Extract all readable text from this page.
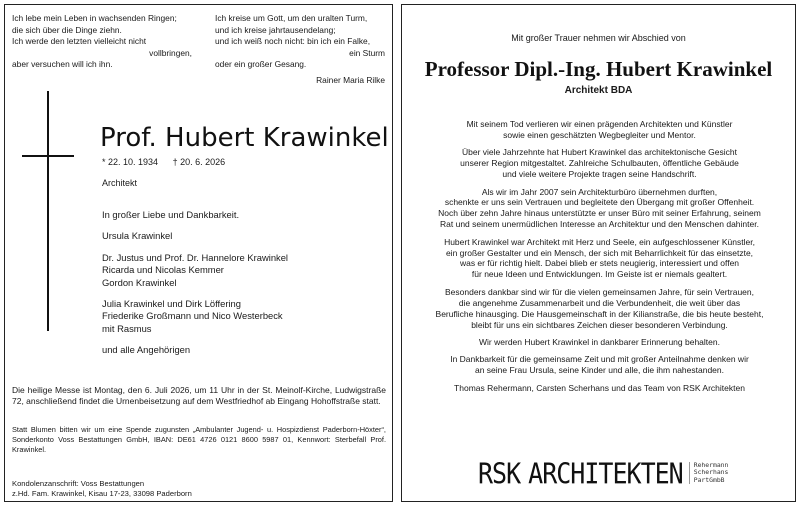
Ich lebe mein Leben in wachsenden Ringen;
die sich über die Dinge ziehn.
Ich werde den letzten vielleicht nicht
vollbringen,
aber versuchen will ich ihn.
Ich kreise um Gott, um den uralten Turm,
und ich kreise jahrtausendelang;
und ich weiß noch nicht: bin ich ein Falke,
ein Sturm
oder ein großer Gesang.
Rainer Maria Rilke
Prof. Hubert Krawinkel
* 22. 10. 1934 † 20. 6. 2026
Architekt
In großer Liebe und Dankbarkeit.
Ursula Krawinkel
Dr. Justus und Prof. Dr. Hannelore Krawinkel
Ricarda und Nicolas Kemmer
Gordon Krawinkel
Julia Krawinkel und Dirk Löffering
Friederike Großmann und Nico Westerbeck
mit Rasmus
und alle Angehörigen
Die heilige Messe ist Montag, den 6. Juli 2026, um 11 Uhr in der St. Meinolf-Kirche, Ludwigstraße 72, anschließend findet die Urnenbeisetzung auf dem Westfriedhof ab Eingang Hohoffstraße statt.
Statt Blumen bitten wir um eine Spende zugunsten „Ambulanter Jugend- u. Hospizdienst Paderborn-Höxter“, Sonderkonto Voss Bestattungen GmbH, IBAN: DE61 4726 0121 8600 5987 01, Kennwort: Sterbefall Prof. Krawinkel.
Kondolenzanschrift: Voss Bestattungen
z.Hd. Fam. Krawinkel, Kisau 17-23, 33098 Paderborn
Mit großer Trauer nehmen wir Abschied von
Professor Dipl.-Ing. Hubert Krawinkel
Architekt BDA
Mit seinem Tod verlieren wir einen prägenden Architekten und Künstler
sowie einen geschätzten Wegbegleiter und Mentor.
Über viele Jahrzehnte hat Hubert Krawinkel das architektonische Gesicht
unserer Region mitgestaltet. Zahlreiche Schulbauten, öffentliche Gebäude
und viele weitere Projekte tragen seine Handschrift.
Als wir im Jahr 2007 sein Architekturbüro übernehmen durften,
schenkte er uns sein Vertrauen und begleitete den Übergang mit großer Offenheit.
Noch über zehn Jahre hinaus unterstützte er unser Büro mit seiner Erfahrung, seinem
Rat und seinem unermüdlichen Interesse an Architektur und den Menschen dahinter.
Hubert Krawinkel war Architekt mit Herz und Seele, ein aufgeschlossener Künstler,
ein großer Gestalter und ein Mensch, der sich mit Beharrlichkeit für das einsetzte,
was er für richtig hielt. Dabei blieb er stets neugierig, interessiert und offen
für neue Ideen und Entwicklungen. Im Geiste ist er niemals gealtert.
Besonders dankbar sind wir für die vielen gemeinsamen Jahre, für sein Vertrauen,
die angenehme Zusammenarbeit und die Verbundenheit, die weit über das
Berufliche hinausging. Die Hausgemeinschaft in der Kilianstraße, die bis heute besteht,
bleibt für uns ein sichtbares Zeichen dieser besonderen Verbindung.
Wir werden Hubert Krawinkel in dankbarer Erinnerung behalten.
In Dankbarkeit für die gemeinsame Zeit und mit großer Anteilnahme denken wir
an seine Frau Ursula, seine Kinder und alle, die ihm nahestanden.
Thomas Rehermann, Carsten Scherhans und das Team von RSK Architekten
RSK ARCHITEKTEN Rehermann
Scherhans
PartGmbB
